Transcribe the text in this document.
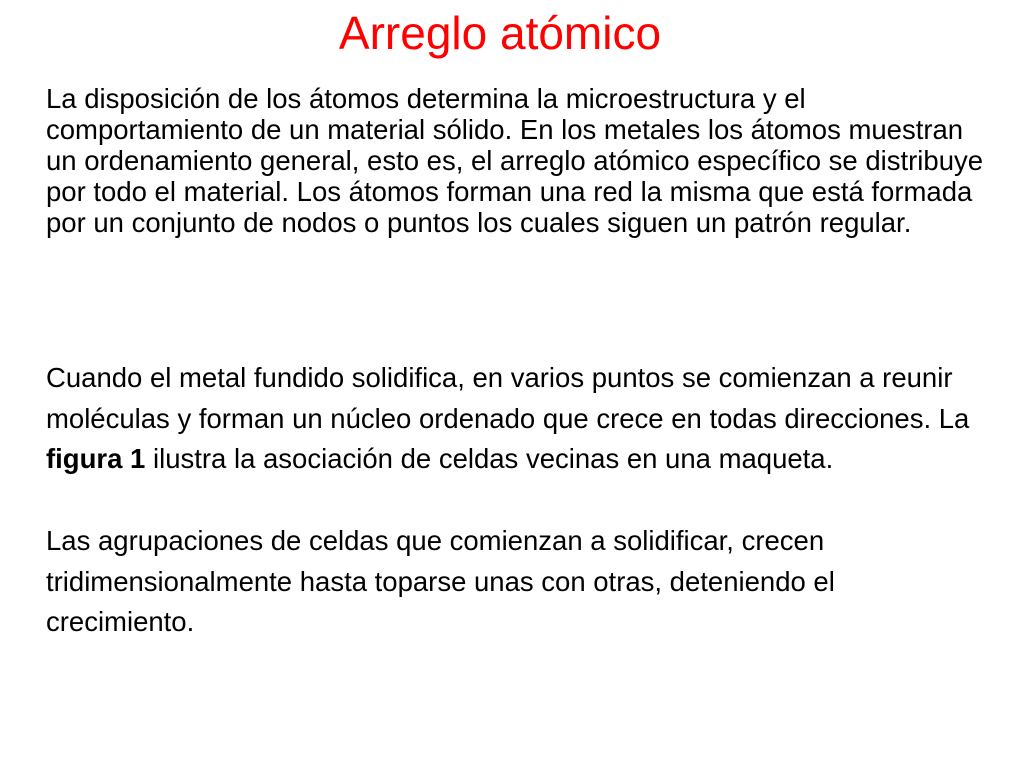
Arreglo atómico

La disposición de los átomos determina la microestructura y el comportamiento de un material sólido. En los metales los átomos muestran un ordenamiento general, esto es, el arreglo atómico específico se distribuye por todo el material. Los átomos forman una red la misma que está formada por un conjunto de nodos o puntos los cuales siguen un patrón regular.

Cuando el metal fundido solidifica, en varios puntos se comienzan a reunir moléculas y forman un núcleo ordenado que crece en todas direcciones. La figura 1 ilustra la asociación de celdas vecinas en una maqueta.

Las agrupaciones de celdas que comienzan a solidificar, crecen tridimensionalmente hasta toparse unas con otras, deteniendo el crecimiento.
